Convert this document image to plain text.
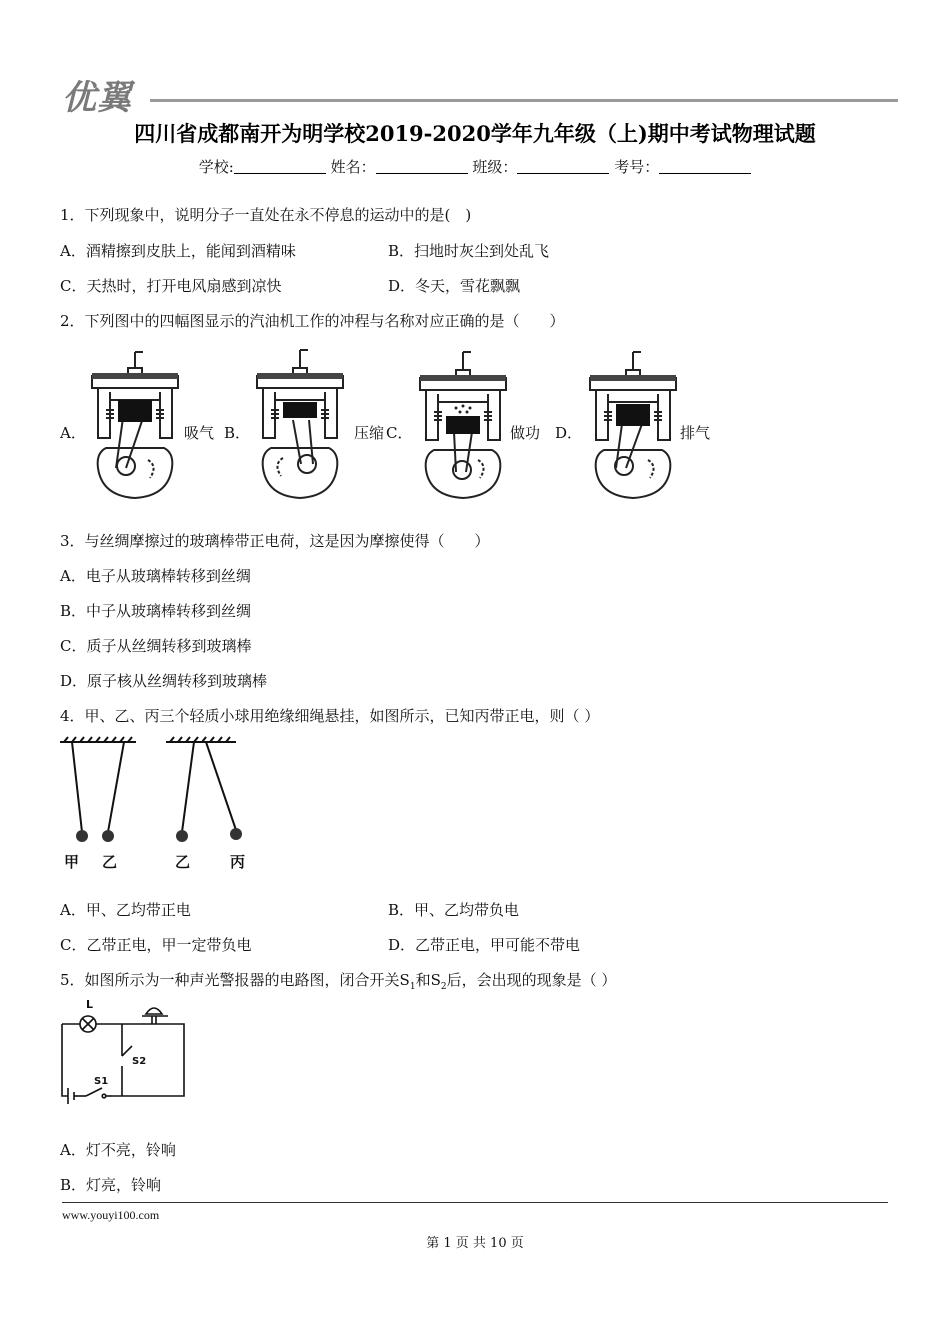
优翼
四川省成都南开为明学校2019-2020学年九年级（上)期中考试物理试题
学校:	姓名：	班级：	考号：
1．下列现象中，说明分子一直处在永不停息的运动中的是(　)
A．酒精擦到皮肤上，能闻到酒精味	B．扫地时灰尘到处乱飞
C．天热时，打开电风扇感到凉快	D．冬天，雪花飘飘
2．下列图中的四幅图显示的汽油机工作的冲程与名称对应正确的是（　　）
A．	吸气 B．	压缩 C．	做功 D．	排气
3．与丝绸摩擦过的玻璃棒带正电荷，这是因为摩擦使得（　　）
A．电子从玻璃棒转移到丝绸
B．中子从玻璃棒转移到丝绸
C．质子从丝绸转移到玻璃棒
D．原子核从丝绸转移到玻璃棒
4．甲、乙、丙三个轻质小球用绝缘细绳悬挂，如图所示，已知丙带正电，则（ ）
甲 乙	乙	丙
A．甲、乙均带正电	B．甲、乙均带负电
C．乙带正电，甲一定带负电	D．乙带正电，甲可能不带电
5．如图所示为一种声光警报器的电路图，闭合开关$S_1$和$S_2$后，会出现的现象是（ ）
L
S2
S1
A．灯不亮，铃响
B．灯亮，铃响
www.youyi100.com
第 1 页 共 10 页
